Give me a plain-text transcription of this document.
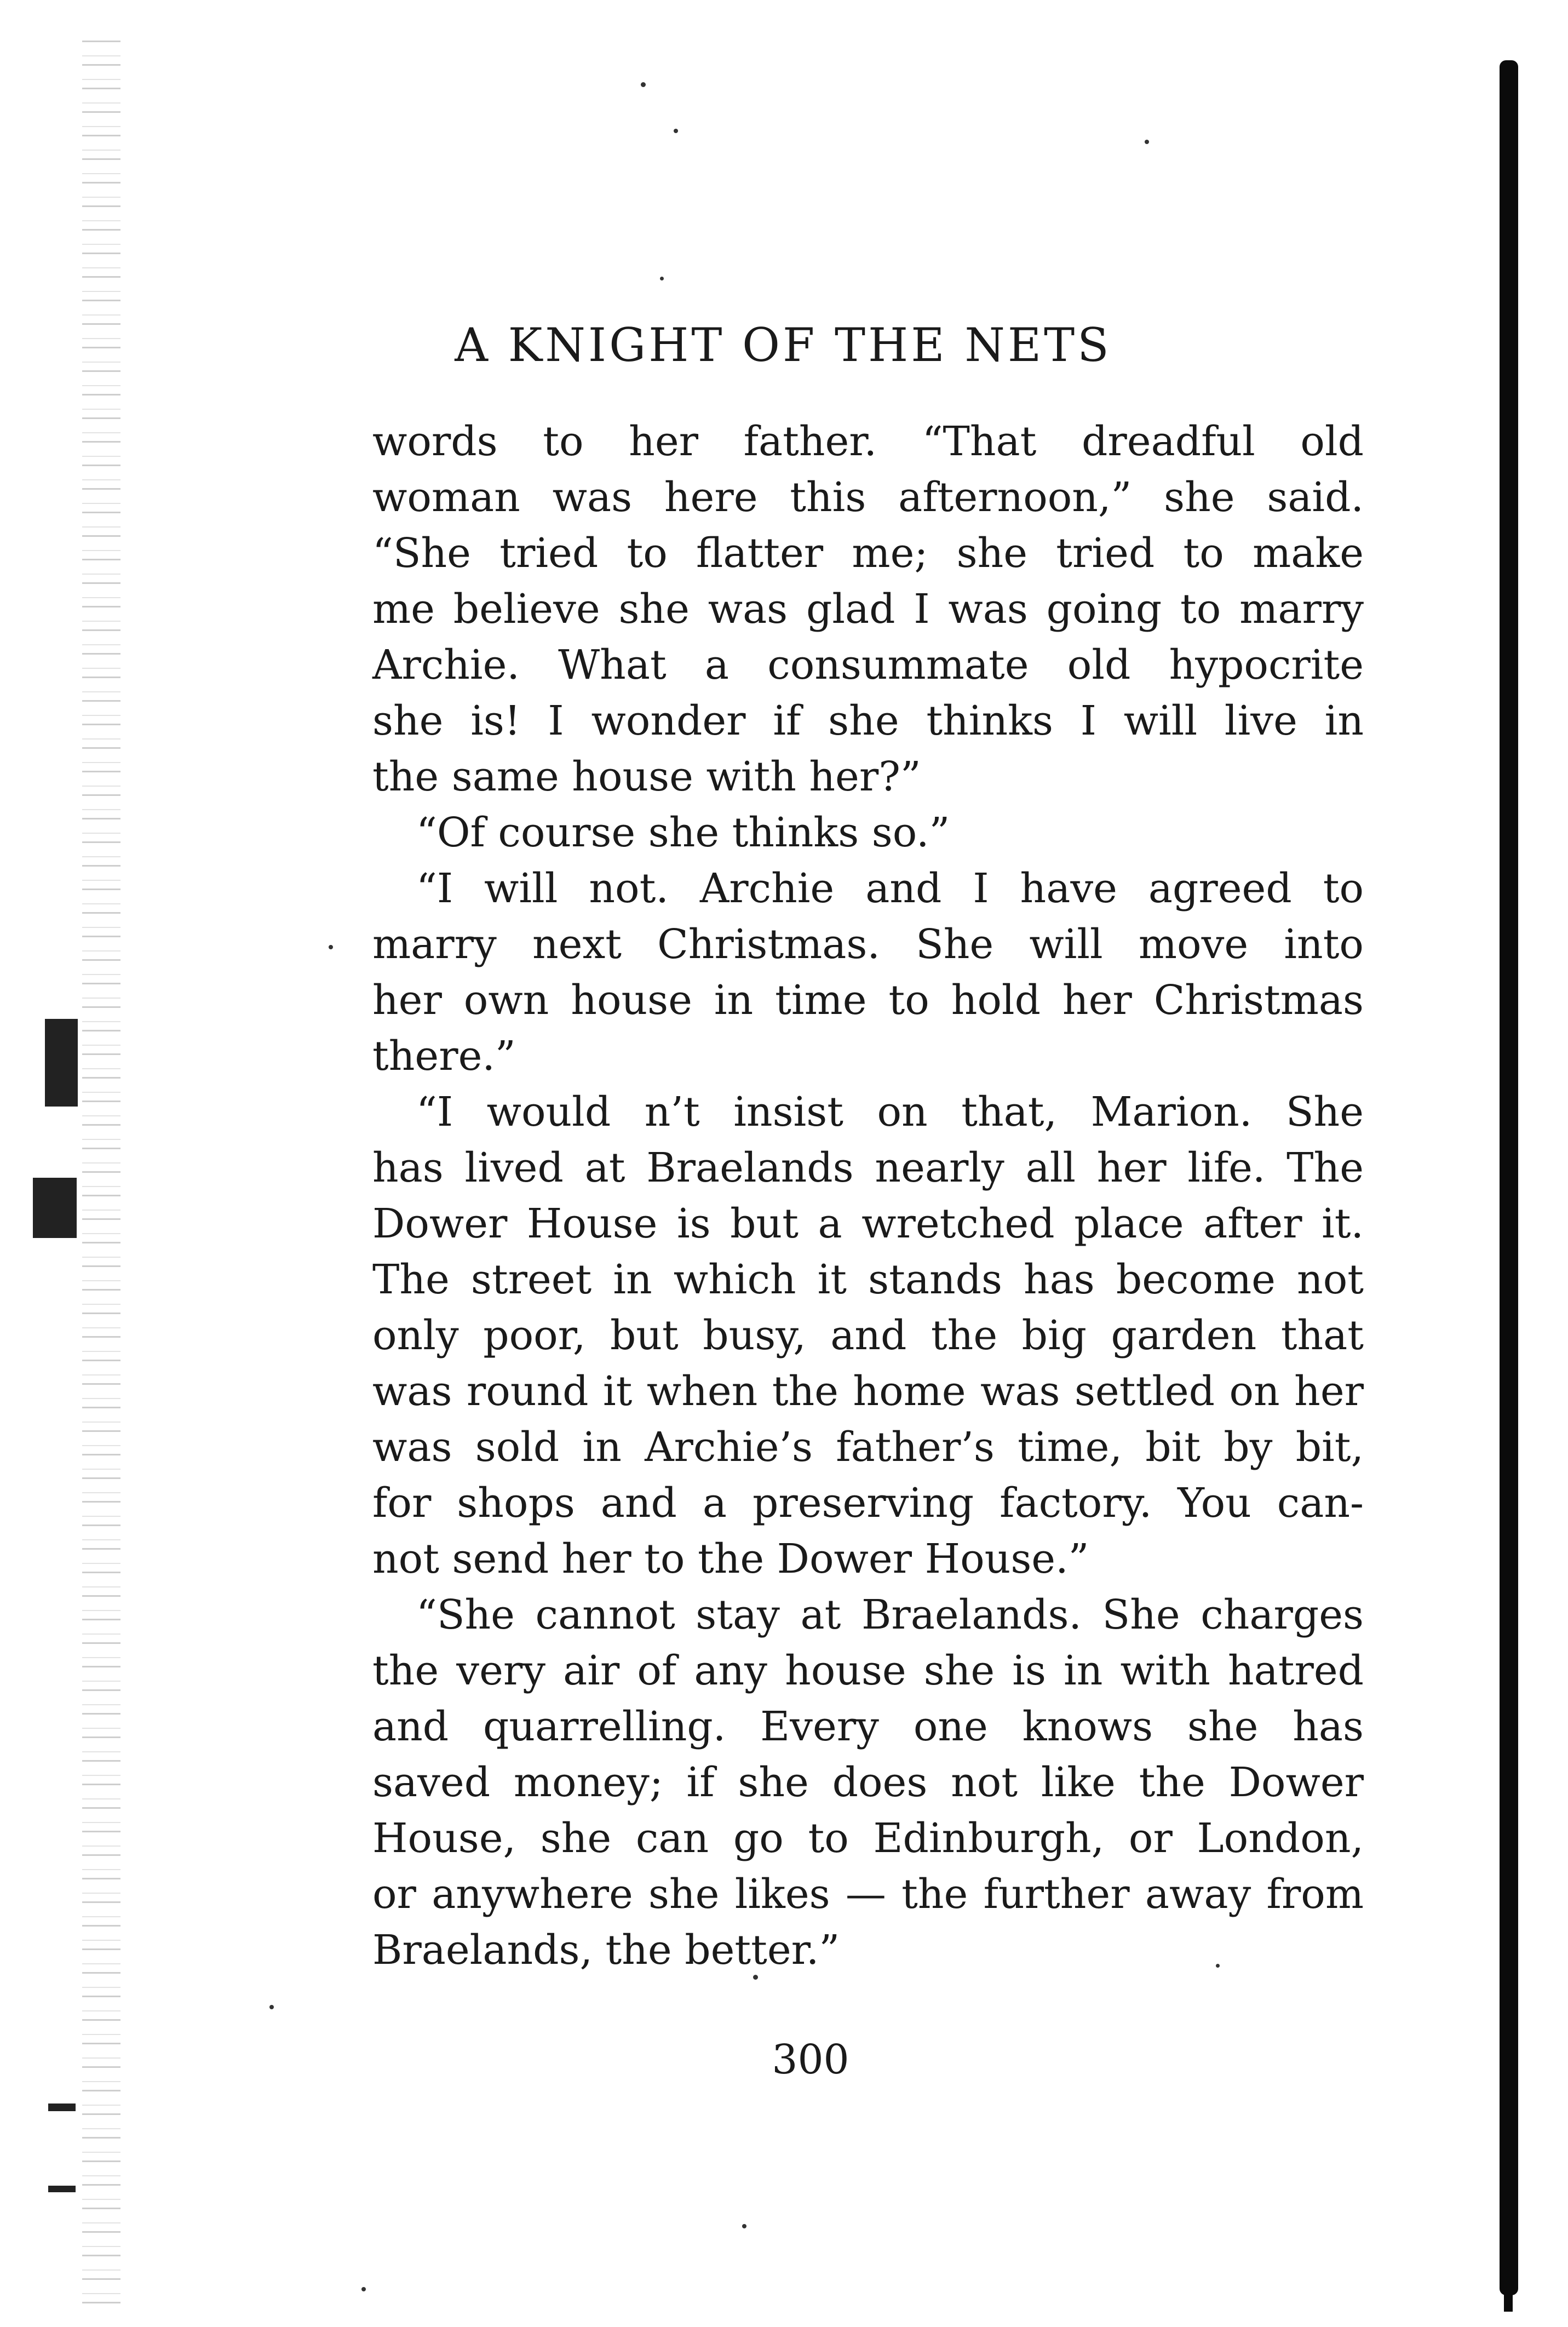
A KNIGHT OF THE NETS
words to her father. “That dreadful old
woman was here this afternoon,” she said.
“She tried to flatter me; she tried to make
me believe she was glad I was going to marry
Archie. What a consummate old hypocrite
she is! I wonder if she thinks I will live in
the same house with her?”
“Of course she thinks so.”
“I will not. Archie and I have agreed to
marry next Christmas. She will move into
her own house in time to hold her Christmas
there.”
“I would n’t insist on that, Marion. She
has lived at Braelands nearly all her life. The
Dower House is but a wretched place after it.
The street in which it stands has become not
only poor, but busy, and the big garden that
was round it when the home was settled on her
was sold in Archie’s father’s time, bit by bit,
for shops and a preserving factory. You can-
not send her to the Dower House.”
“She cannot stay at Braelands. She charges
the very air of any house she is in with hatred
and quarrelling. Every one knows she has
saved money; if she does not like the Dower
House, she can go to Edinburgh, or London,
or anywhere she likes — the further away from
Braelands, the better.”
300
